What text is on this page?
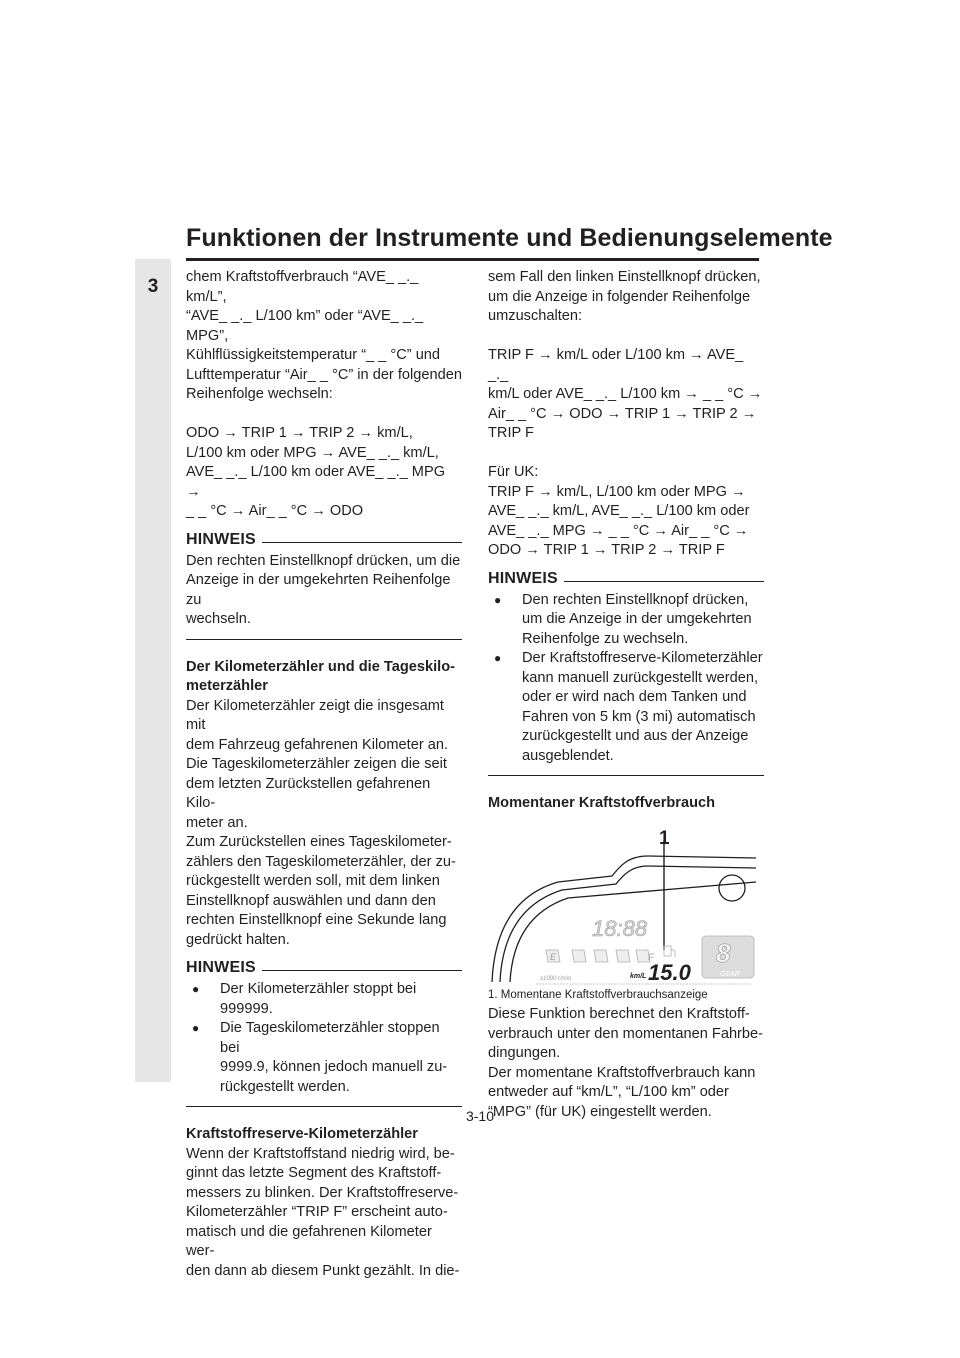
Funktionen der Instrumente und Bedienungselemente
3	chem Kraftstoffverbrauch “AVE_ _._ km/L”,
“AVE_ _._ L/100 km” oder “AVE_ _._ MPG”,
Kühlflüssigkeitstemperatur “_ _ °C” und
Lufttemperatur “Air_ _ °C” in der folgenden
Reihenfolge wechseln:

ODO → TRIP 1 → TRIP 2 → km/L,
L/100 km oder MPG → AVE_ _._ km/L,
AVE_ _._ L/100 km oder AVE_ _._ MPG →
_ _ °C → Air_ _ °C → ODO

HINWEIS

Den rechten Einstellknopf drücken, um die
Anzeige in der umgekehrten Reihenfolge zu
wechseln.

Der Kilometerzähler und die Tageskilo-
meterzähler

Der Kilometerzähler zeigt die insgesamt mit
dem Fahrzeug gefahrenen Kilometer an.
Die Tageskilometerzähler zeigen die seit
dem letzten Zurückstellen gefahrenen Kilo-
meter an.
Zum Zurückstellen eines Tageskilometer-
zählers den Tageskilometerzähler, der zu-
rückgestellt werden soll, mit dem linken
Einstellknopf auswählen und dann den
rechten Einstellknopf eine Sekunde lang
gedrückt halten.

HINWEIS
● Der Kilometerzähler stoppt bei
999999.
● Die Tageskilometerzähler stoppen bei
9999.9, können jedoch manuell zu-
rückgestellt werden.

Kraftstoffreserve-Kilometerzähler

Wenn der Kraftstoffstand niedrig wird, be-
ginnt das letzte Segment des Kraftstoff-
messers zu blinken. Der Kraftstoffreserve-
Kilometerzähler “TRIP F” erscheint auto-
matisch und die gefahrenen Kilometer wer-
den dann ab diesem Punkt gezählt. In die-

sem Fall den linken Einstellknopf drücken,
um die Anzeige in folgender Reihenfolge
umzuschalten:

TRIP F → km/L oder L/100 km → AVE_ _._
km/L oder AVE_ _._ L/100 km → _ _ °C →
Air_ _ °C → ODO → TRIP 1 → TRIP 2 →
TRIP F

Für UK:
TRIP F → km/L, L/100 km oder MPG →
AVE_ _._ km/L, AVE_ _._ L/100 km oder
AVE_ _._ MPG → _ _ °C → Air_ _ °C →
ODO → TRIP 1 → TRIP 2 → TRIP F

HINWEIS
● Den rechten Einstellknopf drücken,
um die Anzeige in der umgekehrten
Reihenfolge zu wechseln.
● Der Kraftstoffreserve-Kilometerzähler
kann manuell zurückgestellt werden,
oder er wird nach dem Tanken und
Fahren von 5 km (3 mi) automatisch
zurückgestellt und aus der Anzeige
ausgeblendet.

Momentaner Kraftstoffverbrauch

1
18:88
E	F 8
GEAR
x1000 r/min	km/L 15.0

1. Momentane Kraftstoffverbrauchsanzeige

Diese Funktion berechnet den Kraftstoff-
verbrauch unter den momentanen Fahrbe-
dingungen.
Der momentane Kraftstoffverbrauch kann
entweder auf “km/L”, “L/100 km” oder
“MPG” (für UK) eingestellt werden.

3-10
